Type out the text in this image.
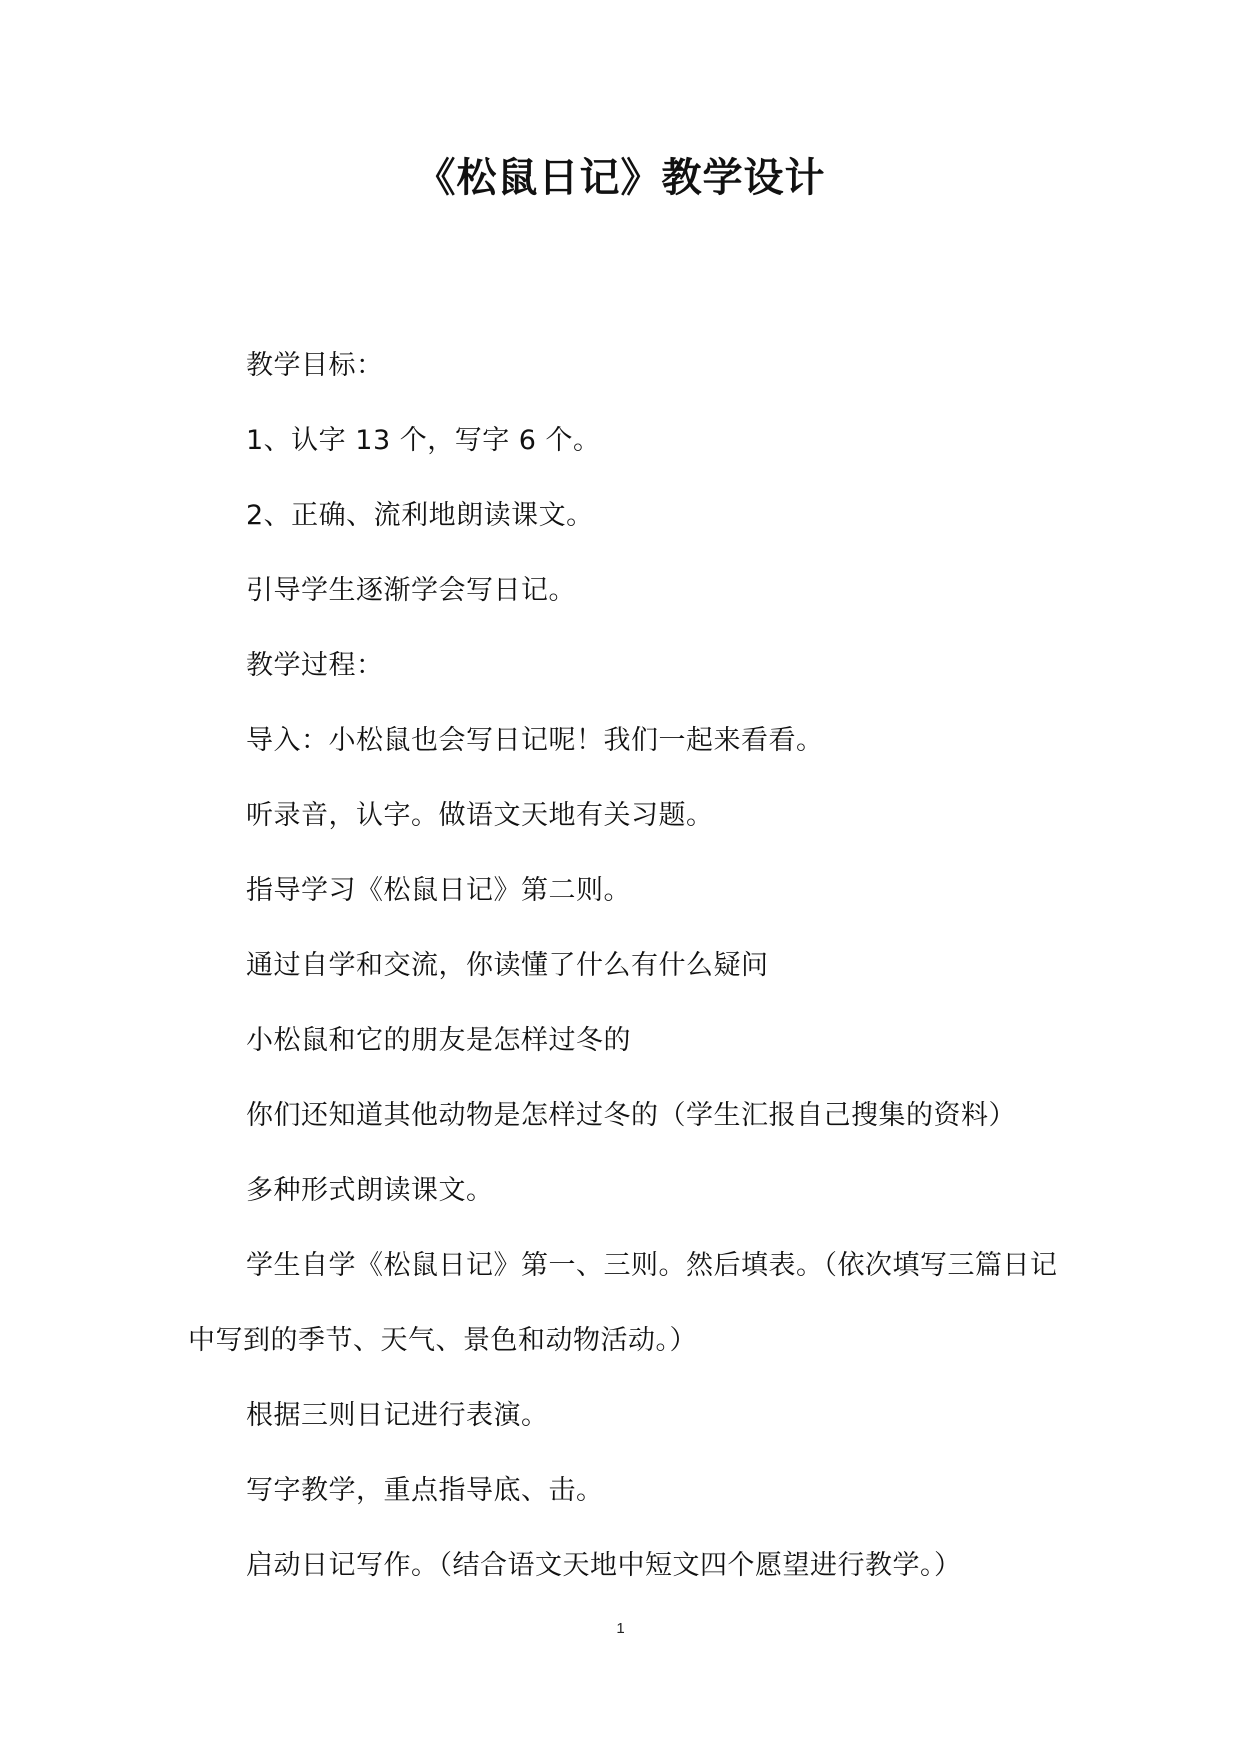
《松鼠日记》教学设计

教学目标：

1、认字 13 个，写字 6 个。

2、正确、流利地朗读课文。

引导学生逐渐学会写日记。

教学过程：

导入：小松鼠也会写日记呢！我们一起来看看。

听录音，认字。做语文天地有关习题。

指导学习《松鼠日记》第二则。

通过自学和交流，你读懂了什么有什么疑问

小松鼠和它的朋友是怎样过冬的

你们还知道其他动物是怎样过冬的（学生汇报自己搜集的资料）

多种形式朗读课文。

学生自学《松鼠日记》第一、三则。然后填表。（依次填写三篇日记中写到的季节、天气、景色和动物活动。）

根据三则日记进行表演。

写字教学，重点指导底、击。

启动日记写作。（结合语文天地中短文四个愿望进行教学。）

1
